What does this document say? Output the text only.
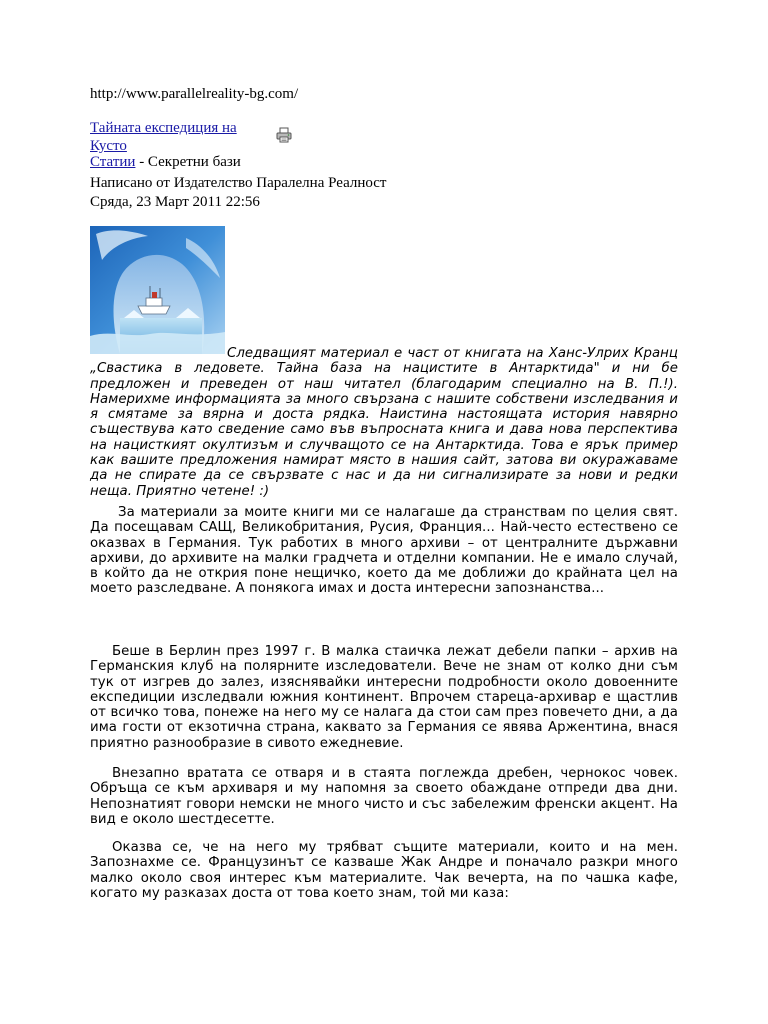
http://www.parallelreality-bg.com/
Тайната експедиция на Кусто
Статии - Секретни бази
Написано от Издателство Паралелна Реалност
Сряда, 23 Март 2011 22:56

Следващият материал е част от книгата на Ханс-Улрих Кранц „Свастика в ледовете. Тайна база на нацистите в Антарктида" и ни бе предложен и преведен от наш читател (благодарим специално на В. П.!). Намерихме информацията за много свързана с нашите собствени изследвания и я смятаме за вярна и доста рядка. Наистина настоящата история навярно съществува като сведение само във въпросната книга и дава нова перспектива на нацисткият окултизъм и случващото се на Антарктида. Това е ярък пример как вашите предложения намират място в нашия сайт, затова ви окуражаваме да не спирате да се свързвате с нас и да ни сигнализирате за нови и редки неща. Приятно четене! :)

За материали за моите книги ми се налагаше да странствам по целия свят. Да посещавам САЩ, Великобритания, Русия, Франция... Най-често естествено се оказвах в Германия. Тук работих в много архиви – от централните държавни архиви, до архивите на малки градчета и отделни компании. Не е имало случай, в който да не открия поне нещичко, което да ме доближи до крайната цел на моето разследване. А понякога имах и доста интересни запознанства...

Беше в Берлин през 1997 г. В малка стаичка лежат дебели папки – архив на Германския клуб на полярните изследователи. Вече не знам от колко дни съм тук от изгрев до залез, изяснявайки интересни подробности около довоенните експедиции изследвали южния континент. Впрочем старецa-архивар е щастлив от всичко това, понеже на него му се налага да стои сам през повечето дни, а да има гости от екзотична страна, каквато за Германия се явява Аржентина, внася приятно разнообразие в сивото ежедневие.

Внезапно вратата се отваря и в стаята поглежда дребен, чернокос човек. Обръща се към архиваря и му напомня за своето обаждане отпреди два дни. Непознатият говори немски не много чисто и със забележим френски акцент. На вид е около шестдесетте.

Оказва се, че на него му трябват същите материали, които и на мен. Запознахме се. Французинът се казваше Жак Андре и поначало разкри много малко около своя интерес към материалите. Чак вечерта, на по чашка кафе, когато му разказах доста от това което знам, той ми каза:
